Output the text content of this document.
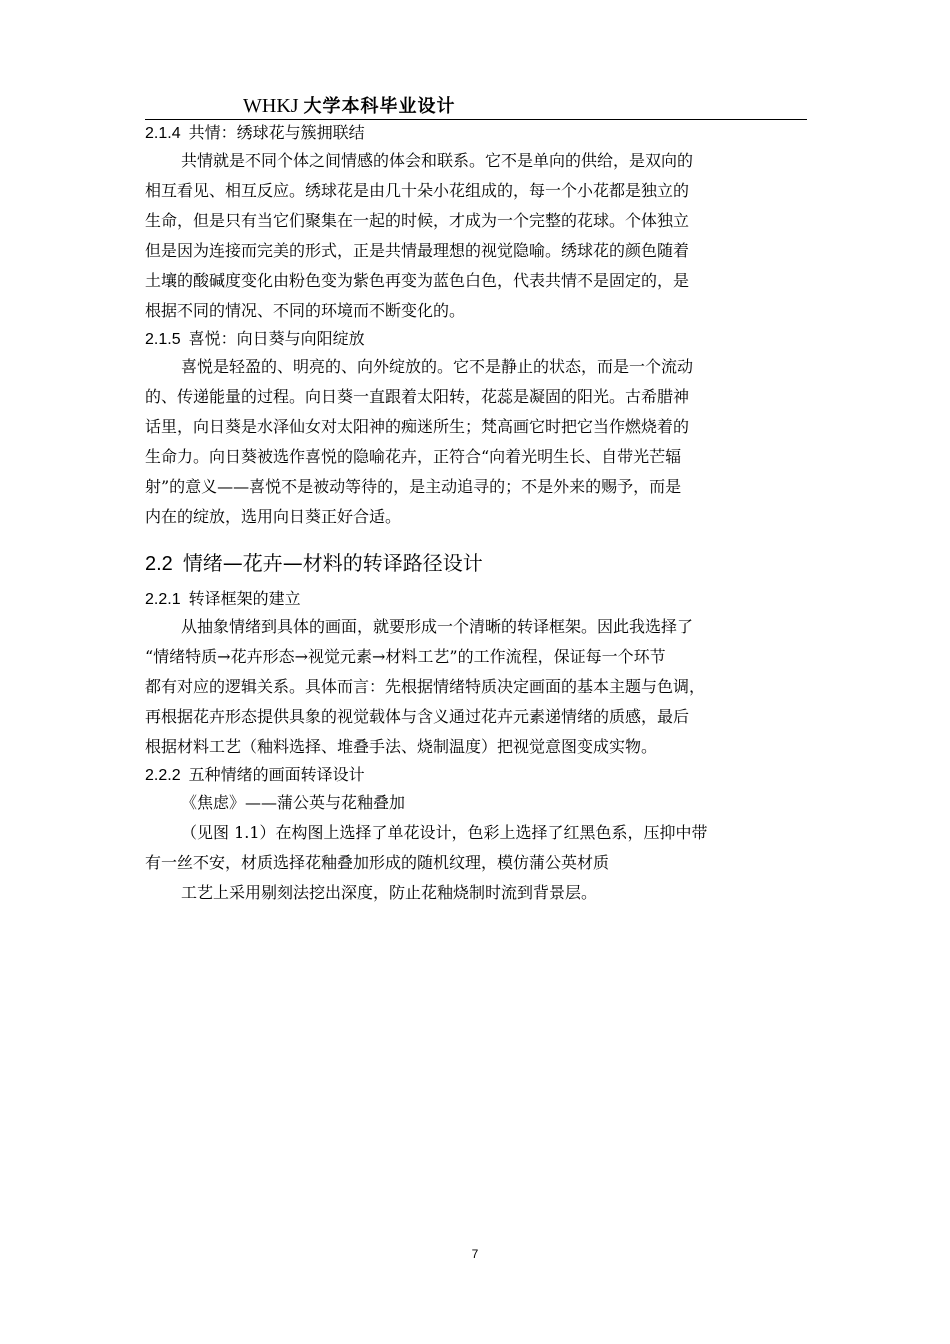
WHKJ 大学本科毕业设计
2.1.4 共情：绣球花与簇拥联结
共情就是不同个体之间情感的体会和联系。它不是单向的供给，是双向的
相互看见、相互反应。绣球花是由几十朵小花组成的，每一个小花都是独立的
生命，但是只有当它们聚集在一起的时候，才成为一个完整的花球。个体独立
但是因为连接而完美的形式，正是共情最理想的视觉隐喻。绣球花的颜色随着
土壤的酸碱度变化由粉色变为紫色再变为蓝色白色，代表共情不是固定的，是
根据不同的情况、不同的环境而不断变化的。
2.1.5 喜悦：向日葵与向阳绽放
喜悦是轻盈的、明亮的、向外绽放的。它不是静止的状态，而是一个流动
的、传递能量的过程。向日葵一直跟着太阳转，花蕊是凝固的阳光。古希腊神
话里，向日葵是水泽仙女对太阳神的痴迷所生；梵高画它时把它当作燃烧着的
生命力。向日葵被选作喜悦的隐喻花卉，正符合“向着光明生长、自带光芒辐
射”的意义——喜悦不是被动等待的，是主动追寻的；不是外来的赐予，而是
内在的绽放，选用向日葵正好合适。
2.2 情绪—花卉—材料的转译路径设计
2.2.1 转译框架的建立
从抽象情绪到具体的画面，就要形成一个清晰的转译框架。因此我选择了
“情绪特质→花卉形态→视觉元素→材料工艺”的工作流程，保证每一个环节
都有对应的逻辑关系。具体而言：先根据情绪特质决定画面的基本主题与色调，
再根据花卉形态提供具象的视觉载体与含义通过花卉元素递情绪的质感，最后
根据材料工艺（釉料选择、堆叠手法、烧制温度）把视觉意图变成实物。
2.2.2 五种情绪的画面转译设计
《焦虑》——蒲公英与花釉叠加
（见图 1.1）在构图上选择了单花设计，色彩上选择了红黑色系，压抑中带
有一丝不安，材质选择花釉叠加形成的随机纹理，模仿蒲公英材质
工艺上采用剔刻法挖出深度，防止花釉烧制时流到背景层。
7
